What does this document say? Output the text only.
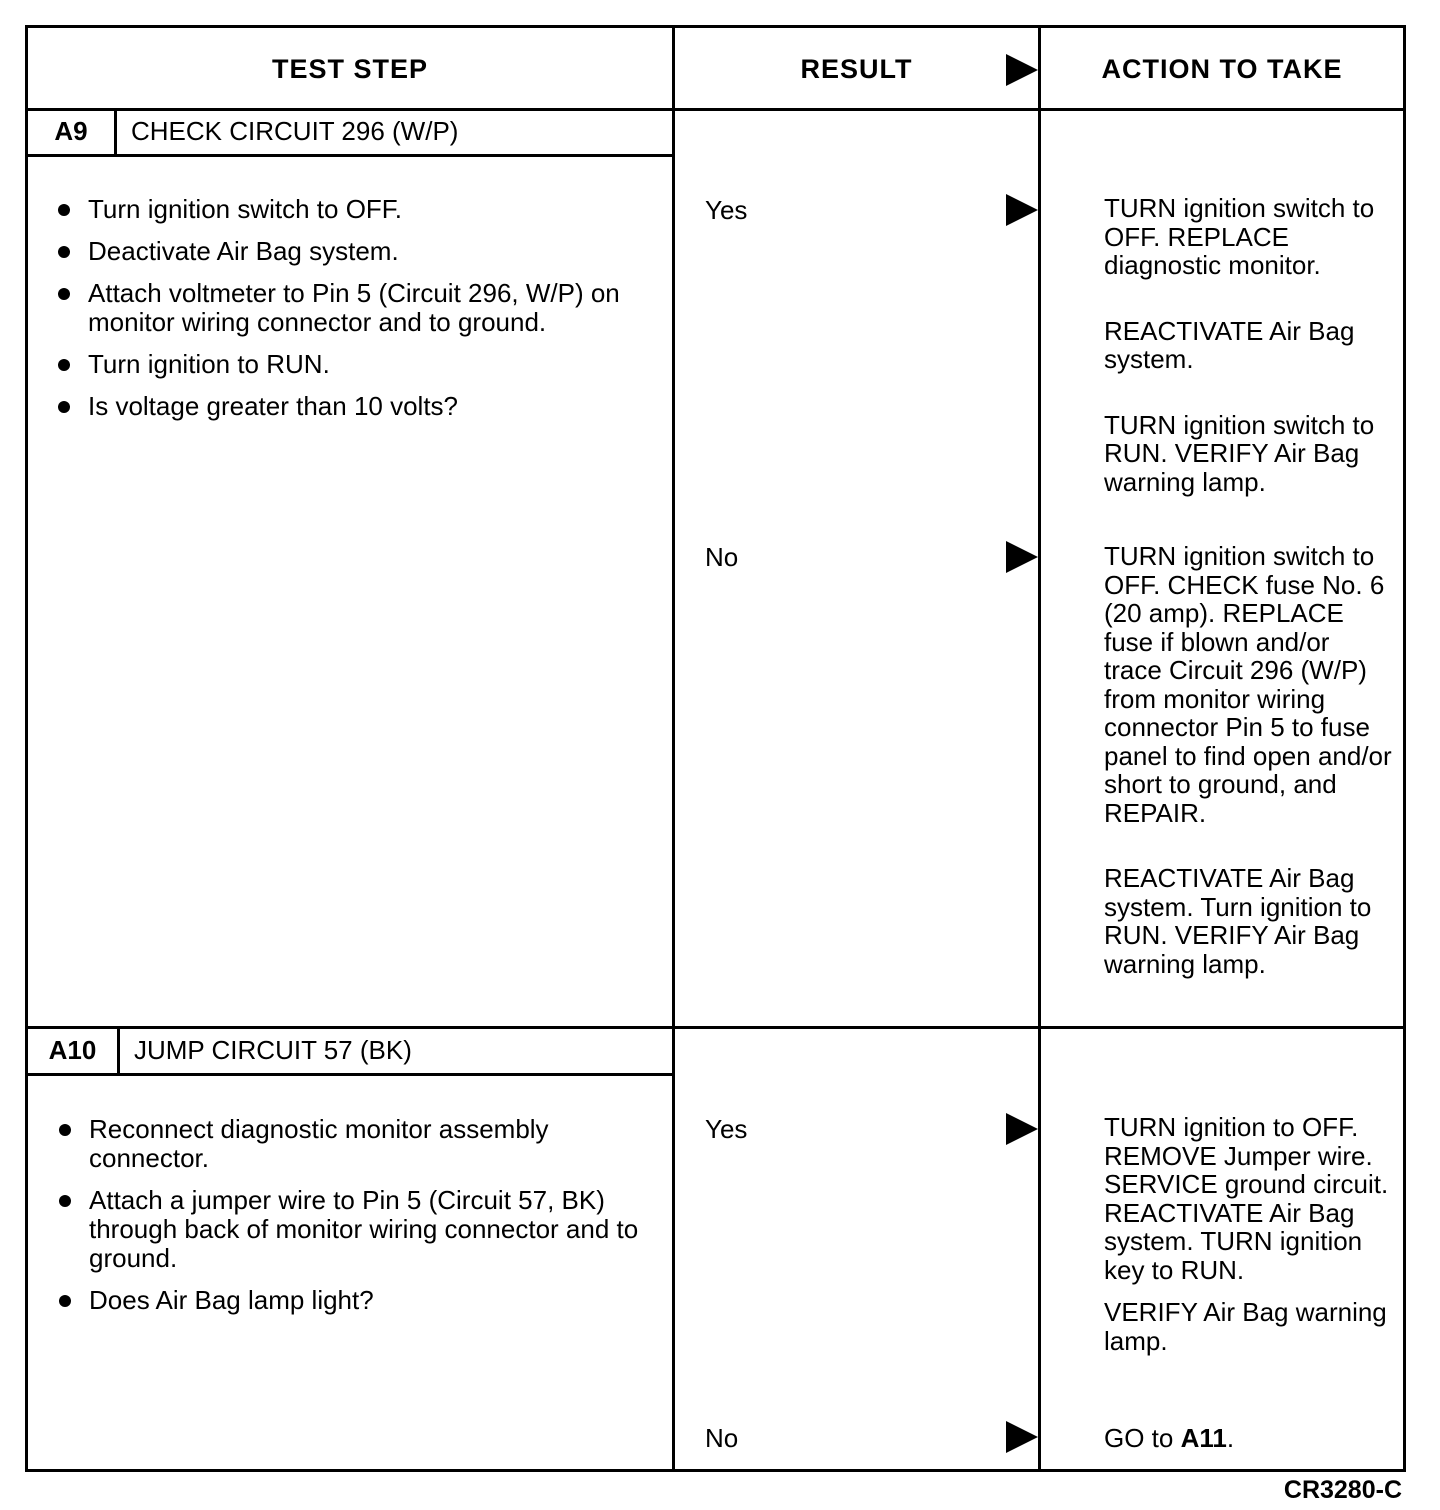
TEST STEP	RESULT	ACTION TO TAKE
A9	CHECK CIRCUIT 296 (W/P)
Turn ignition switch to OFF.
Deactivate Air Bag system.
Attach voltmeter to Pin 5 (Circuit 296, W/P) on monitor wiring connector and to ground.
Turn ignition to RUN.
Is voltage greater than 10 volts?
Yes	TURN ignition switch to OFF. REPLACE diagnostic monitor.

REACTIVATE Air Bag system.

TURN ignition switch to RUN. VERIFY Air Bag warning lamp.

No	TURN ignition switch to OFF. CHECK fuse No. 6 (20 amp). REPLACE fuse if blown and/or trace Circuit 296 (W/P) from monitor wiring connector Pin 5 to fuse panel to find open and/or short to ground, and REPAIR.

REACTIVATE Air Bag system. Turn ignition to RUN. VERIFY Air Bag warning lamp.

A10	JUMP CIRCUIT 57 (BK)
Reconnect diagnostic monitor assembly connector.
Attach a jumper wire to Pin 5 (Circuit 57, BK) through back of monitor wiring connector and to ground.
Does Air Bag lamp light?
Yes	TURN ignition to OFF. REMOVE Jumper wire. SERVICE ground circuit. REACTIVATE Air Bag system. TURN ignition key to RUN.

VERIFY Air Bag warning lamp.

No	GO to A11.
CR3280-C
